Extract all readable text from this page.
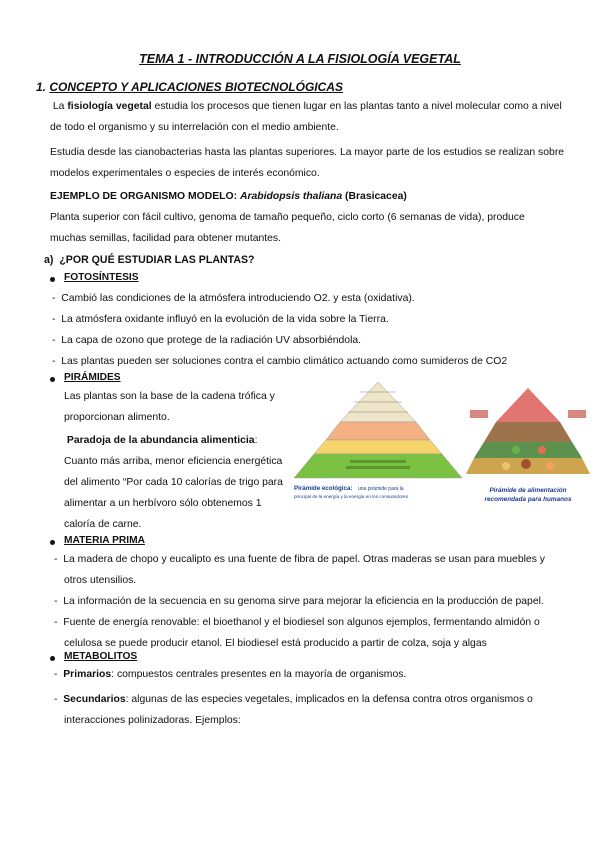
TEMA 1 - INTRODUCCIÓN A LA FISIOLOGÍA VEGETAL
1. CONCEPTO Y APLICACIONES BIOTECNOLÓGICAS
La fisiología vegetal estudia los procesos que tienen lugar en las plantas tanto a nivel molecular como a nivel
de todo el organismo y su interrelación con el medio ambiente.
Estudia desde las cianobacterias hasta las plantas superiores. La mayor parte de los estudios se realizan sobre
modelos experimentales o especies de interés económico.
EJEMPLO DE ORGANISMO MODELO: Arabidopsis thaliana (Brasicacea)
Planta superior con fácil cultivo, genoma de tamaño pequeño, ciclo corto (6 semanas de vida), produce
muchas semillas, facilidad para obtener mutantes.
a) ¿POR QUÉ ESTUDIAR LAS PLANTAS?
FOTOSÍNTESIS
-  Cambió las condiciones de la atmósfera introduciendo O2. y esta (oxidativa).
-  La atmósfera oxidante influyó en la evolución de la vida sobre la Tierra.
-  La capa de ozono que protege de la radiación UV absorbiéndola.
-  Las plantas pueden ser soluciones contra el cambio climático actuando como sumideros de CO2
PIRÁMIDES
Las plantas son la base de la cadena trófica y
proporcionan alimento.
Paradoja de la abundancia alimenticia:
Cuanto más arriba, menor eficiencia energética
del alimento “Por cada 10 calorías de trigo para
alimentar a un herbívoro sólo obtenemos 1
caloría de carne.
Pirámide ecológica: una pirámide para la
principal de la energía y la energía en los consumidores
Pirámide de alimentación
recomendada para humanos
MATERIA PRIMA
-  La madera de chopo y eucalipto es una fuente de fibra de papel. Otras maderas se usan para muebles y
otros utensilios.
-  La información de la secuencia en su genoma sirve para mejorar la eficiencia en la producción de papel.
-  Fuente de energía renovable: el bioethanol y el biodiesel son algunos ejemplos, fermentando almidón o
celulosa se puede producir etanol. El biodiesel está producido a partir de colza, soja y algas
METABOLITOS
-  Primarios: compuestos centrales presentes en la mayoría de organismos.
-  Secundarios: algunas de las especies vegetales, implicados en la defensa contra otros organismos o
interacciones polinizadoras. Ejemplos:
